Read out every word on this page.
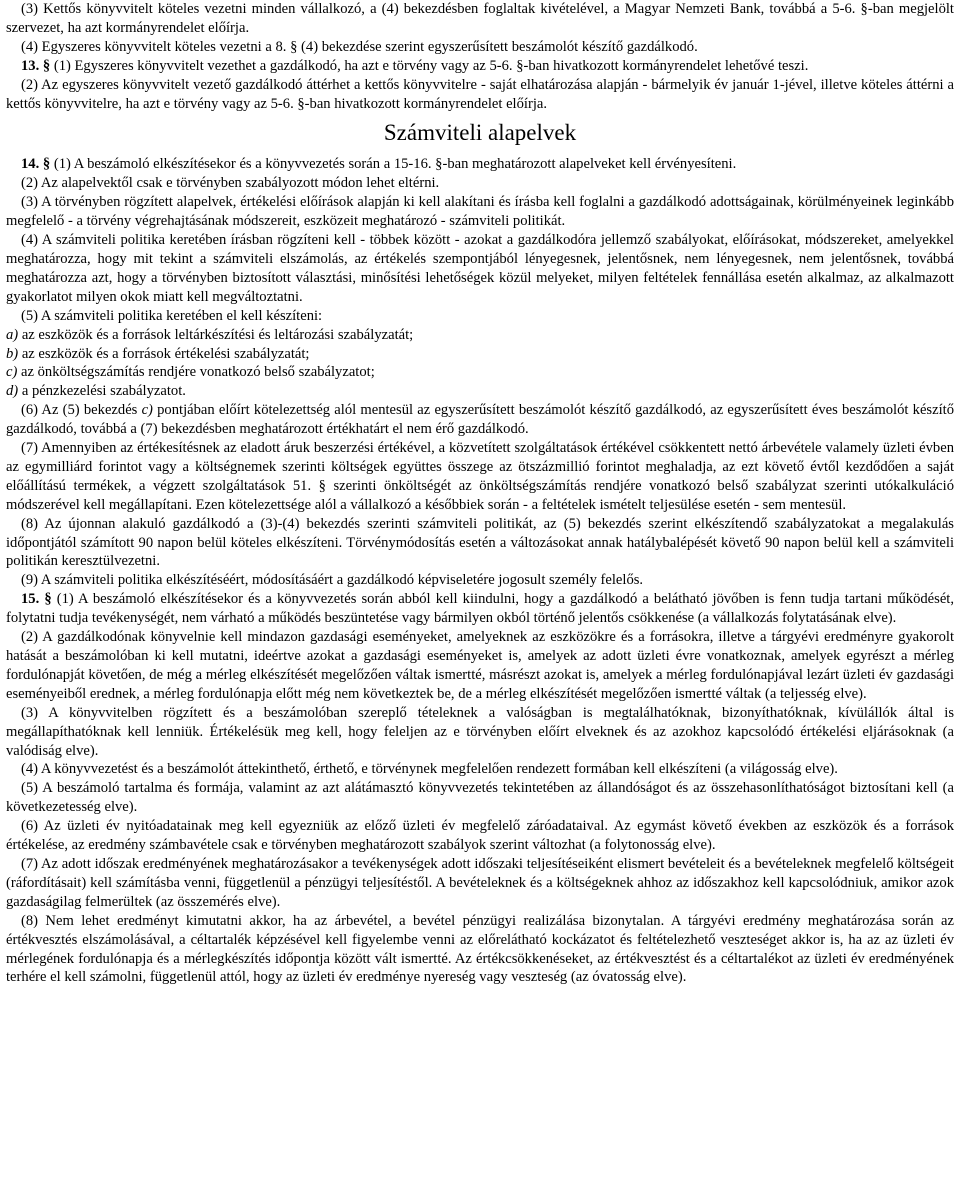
(3) Kettős könyvvitelt köteles vezetni minden vállalkozó, a (4) bekezdésben foglaltak kivételével, a Magyar Nemzeti Bank, továbbá a 5-6. §-ban megjelölt szervezet, ha azt kormányrendelet előírja.

(4) Egyszeres könyvvitelt köteles vezetni a 8. § (4) bekezdése szerint egyszerűsített beszámolót készítő gazdálkodó.

13. § (1) Egyszeres könyvvitelt vezethet a gazdálkodó, ha azt e törvény vagy az 5-6. §-ban hivatkozott kormányrendelet lehetővé teszi.

(2) Az egyszeres könyvvitelt vezető gazdálkodó áttérhet a kettős könyvvitelre - saját elhatározása alapján - bármelyik év január 1-jével, illetve köteles áttérni a kettős könyvvitelre, ha azt e törvény vagy az 5-6. §-ban hivatkozott kormányrendelet előírja.

Számviteli alapelvek

14. § (1) A beszámoló elkészítésekor és a könyvvezetés során a 15-16. §-ban meghatározott alapelveket kell érvényesíteni.

(2) Az alapelvektől csak e törvényben szabályozott módon lehet eltérni.

(3) A törvényben rögzített alapelvek, értékelési előírások alapján ki kell alakítani és írásba kell foglalni a gazdálkodó adottságainak, körülményeinek leginkább megfelelő - a törvény végrehajtásának módszereit, eszközeit meghatározó - számviteli politikát.

(4) A számviteli politika keretében írásban rögzíteni kell - többek között - azokat a gazdálkodóra jellemző szabályokat, előírásokat, módszereket, amelyekkel meghatározza, hogy mit tekint a számviteli elszámolás, az értékelés szempontjából lényegesnek, jelentősnek, nem lényegesnek, nem jelentősnek, továbbá meghatározza azt, hogy a törvényben biztosított választási, minősítési lehetőségek közül melyeket, milyen feltételek fennállása esetén alkalmaz, az alkalmazott gyakorlatot milyen okok miatt kell megváltoztatni.

(5) A számviteli politika keretében el kell készíteni:

a) az eszközök és a források leltárkészítési és leltározási szabályzatát;

b) az eszközök és a források értékelési szabályzatát;

c) az önköltségszámítás rendjére vonatkozó belső szabályzatot;

d) a pénzkezelési szabályzatot.

(6) Az (5) bekezdés c) pontjában előírt kötelezettség alól mentesül az egyszerűsített beszámolót készítő gazdálkodó, az egyszerűsített éves beszámolót készítő gazdálkodó, továbbá a (7) bekezdésben meghatározott értékhatárt el nem érő gazdálkodó.

(7) Amennyiben az értékesítésnek az eladott áruk beszerzési értékével, a közvetített szolgáltatások értékével csökkentett nettó árbevétele valamely üzleti évben az egymilliárd forintot vagy a költségnemek szerinti költségek együttes összege az ötszázmillió forintot meghaladja, az ezt követő évtől kezdődően a saját előállítású termékek, a végzett szolgáltatások 51. § szerinti önköltségét az önköltségszámítás rendjére vonatkozó belső szabályzat szerinti utókalkuláció módszerével kell megállapítani. Ezen kötelezettsége alól a vállalkozó a későbbiek során - a feltételek ismételt teljesülése esetén - sem mentesül.

(8) Az újonnan alakuló gazdálkodó a (3)-(4) bekezdés szerinti számviteli politikát, az (5) bekezdés szerint elkészítendő szabályzatokat a megalakulás időpontjától számított 90 napon belül köteles elkészíteni. Törvénymódosítás esetén a változásokat annak hatálybalépését követő 90 napon belül kell a számviteli politikán keresztülvezetni.

(9) A számviteli politika elkészítéséért, módosításáért a gazdálkodó képviseletére jogosult személy felelős.

15. § (1) A beszámoló elkészítésekor és a könyvvezetés során abból kell kiindulni, hogy a gazdálkodó a belátható jövőben is fenn tudja tartani működését, folytatni tudja tevékenységét, nem várható a működés beszüntetése vagy bármilyen okból történő jelentős csökkenése (a vállalkozás folytatásának elve).

(2) A gazdálkodónak könyvelnie kell mindazon gazdasági eseményeket, amelyeknek az eszközökre és a forrásokra, illetve a tárgyévi eredményre gyakorolt hatását a beszámolóban ki kell mutatni, ideértve azokat a gazdasági eseményeket is, amelyek az adott üzleti évre vonatkoznak, amelyek egyrészt a mérleg fordulónapját követően, de még a mérleg elkészítését megelőzően váltak ismertté, másrészt azokat is, amelyek a mérleg fordulónapjával lezárt üzleti év gazdasági eseményeiből erednek, a mérleg fordulónapja előtt még nem következtek be, de a mérleg elkészítését megelőzően ismertté váltak (a teljesség elve).

(3) A könyvvitelben rögzített és a beszámolóban szereplő tételeknek a valóságban is megtalálhatóknak, bizonyíthatóknak, kívülállók által is megállapíthatóknak kell lenniük. Értékelésük meg kell, hogy feleljen az e törvényben előírt elveknek és az azokhoz kapcsolódó értékelési eljárásoknak (a valódiság elve).

(4) A könyvvezetést és a beszámolót áttekinthető, érthető, e törvénynek megfelelően rendezett formában kell elkészíteni (a világosság elve).

(5) A beszámoló tartalma és formája, valamint az azt alátámasztó könyvvezetés tekintetében az állandóságot és az összehasonlíthatóságot biztosítani kell (a következetesség elve).

(6) Az üzleti év nyitóadatainak meg kell egyezniük az előző üzleti év megfelelő záróadataival. Az egymást követő években az eszközök és a források értékelése, az eredmény számbavétele csak e törvényben meghatározott szabályok szerint változhat (a folytonosság elve).

(7) Az adott időszak eredményének meghatározásakor a tevékenységek adott időszaki teljesítéseiként elismert bevételeit és a bevételeknek megfelelő költségeit (ráfordításait) kell számításba venni, függetlenül a pénzügyi teljesítéstől. A bevételeknek és a költségeknek ahhoz az időszakhoz kell kapcsolódniuk, amikor azok gazdaságilag felmerültek (az összemérés elve).

(8) Nem lehet eredményt kimutatni akkor, ha az árbevétel, a bevétel pénzügyi realizálása bizonytalan. A tárgyévi eredmény meghatározása során az értékvesztés elszámolásával, a céltartalék képzésével kell figyelembe venni az előrelátható kockázatot és feltételezhető veszteséget akkor is, ha az az üzleti év mérlegének fordulónapja és a mérlegkészítés időpontja között vált ismertté. Az értékcsökkenéseket, az értékvesztést és a céltartalékot az üzleti év eredményének terhére el kell számolni, függetlenül attól, hogy az üzleti év eredménye nyereség vagy veszteség (az óvatosság elve).
